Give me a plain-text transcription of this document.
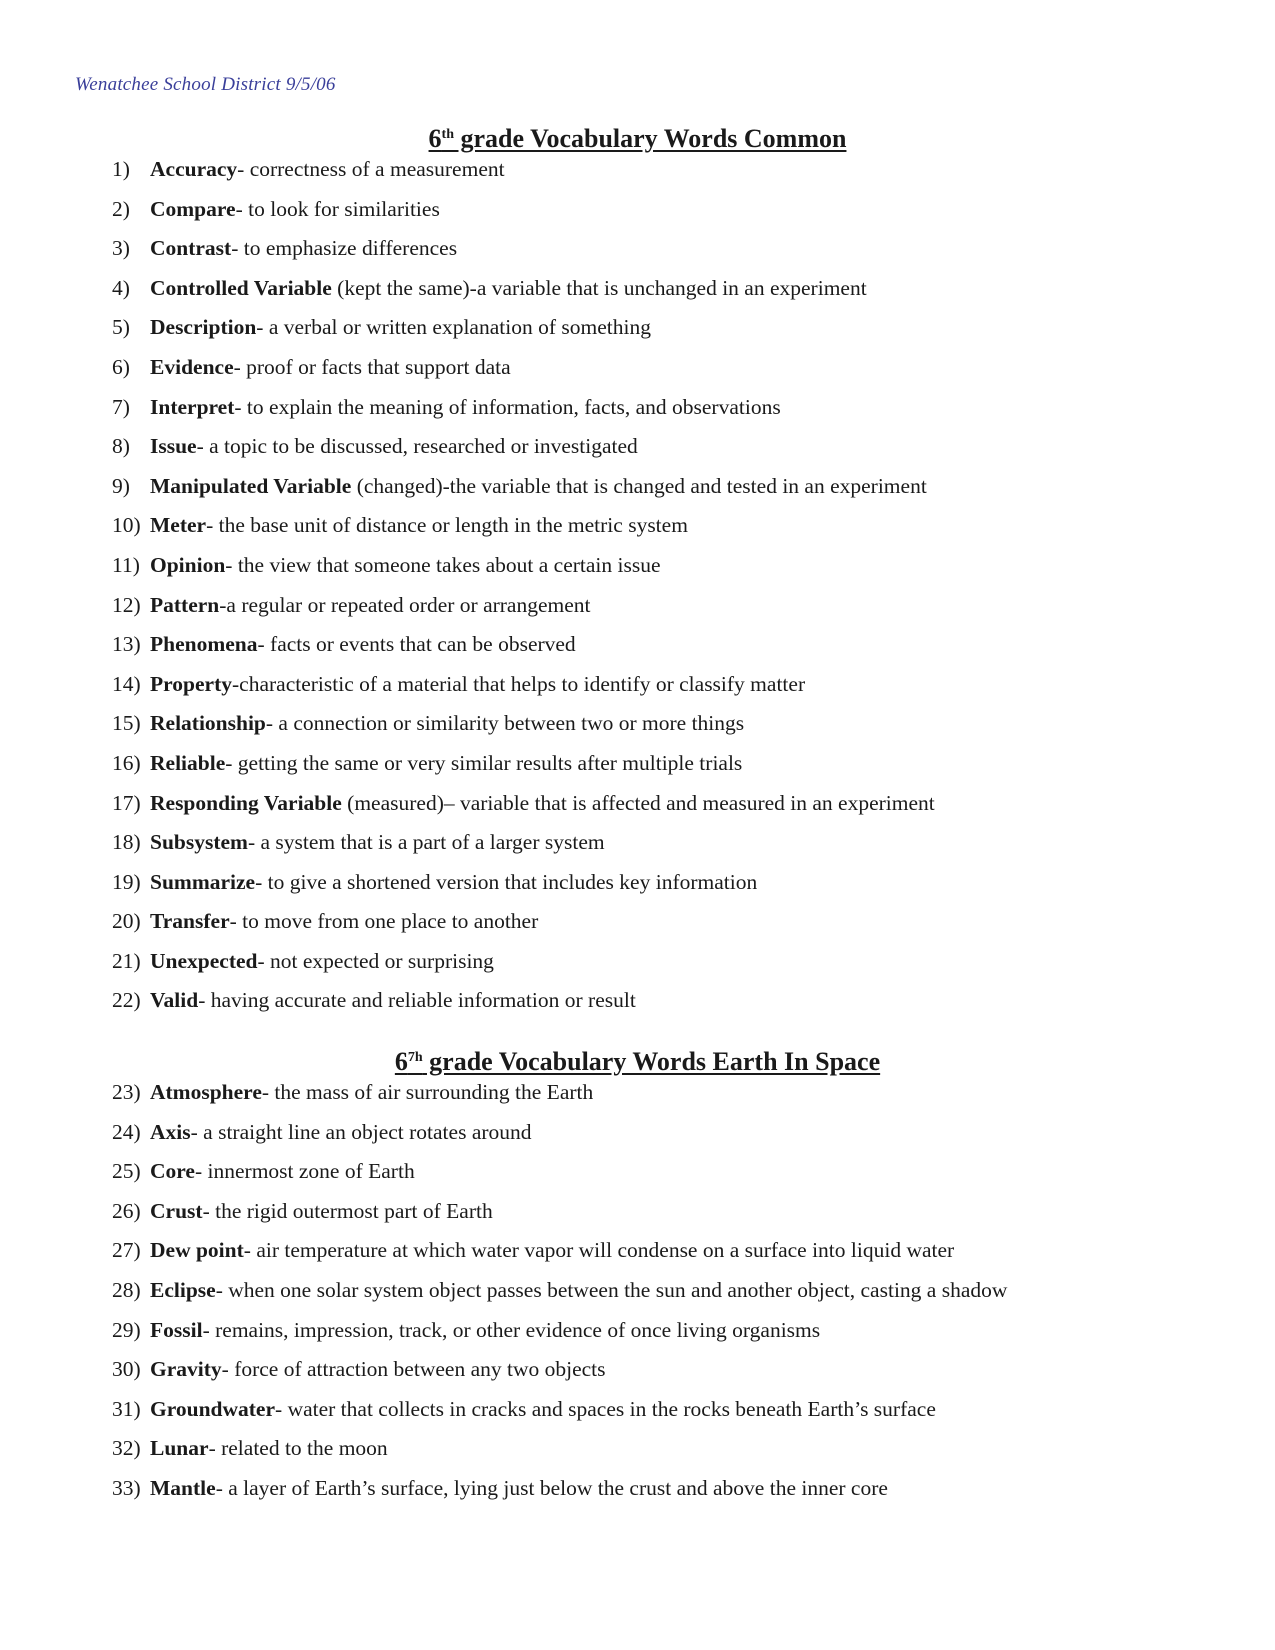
Wenatchee School District 9/5/06
6th grade Vocabulary Words Common
1) Accuracy- correctness of a measurement
2) Compare- to look for similarities
3) Contrast- to emphasize differences
4) Controlled Variable (kept the same)-a variable that is unchanged in an experiment
5) Description- a verbal or written explanation of something
6) Evidence- proof or facts that support data
7) Interpret- to explain the meaning of information, facts, and observations
8) Issue- a topic to be discussed, researched or investigated
9) Manipulated Variable (changed)-the variable that is changed and tested in an experiment
10) Meter- the base unit of distance or length in the metric system
11) Opinion- the view that someone takes about a certain issue
12) Pattern-a regular or repeated order or arrangement
13) Phenomena- facts or events that can be observed
14) Property-characteristic of a material that helps to identify or classify matter
15) Relationship- a connection or similarity between two or more things
16) Reliable- getting the same or very similar results after multiple trials
17) Responding Variable (measured)– variable that is affected and measured in an experiment
18) Subsystem- a system that is a part of a larger system
19) Summarize- to give a shortened version that includes key information
20) Transfer- to move from one place to another
21) Unexpected- not expected or surprising
22) Valid- having accurate and reliable information or result
$6^{7h}$ grade Vocabulary Words Earth In Space
23) Atmosphere- the mass of air surrounding the Earth
24) Axis- a straight line an object rotates around
25) Core- innermost zone of Earth
26) Crust- the rigid outermost part of Earth
27) Dew point- air temperature at which water vapor will condense on a surface into liquid water
28) Eclipse- when one solar system object passes between the sun and another object, casting a shadow
29) Fossil- remains, impression, track, or other evidence of once living organisms
30) Gravity- force of attraction between any two objects
31) Groundwater- water that collects in cracks and spaces in the rocks beneath Earth’s surface
32) Lunar- related to the moon
33) Mantle- a layer of Earth’s surface, lying just below the crust and above the inner core
